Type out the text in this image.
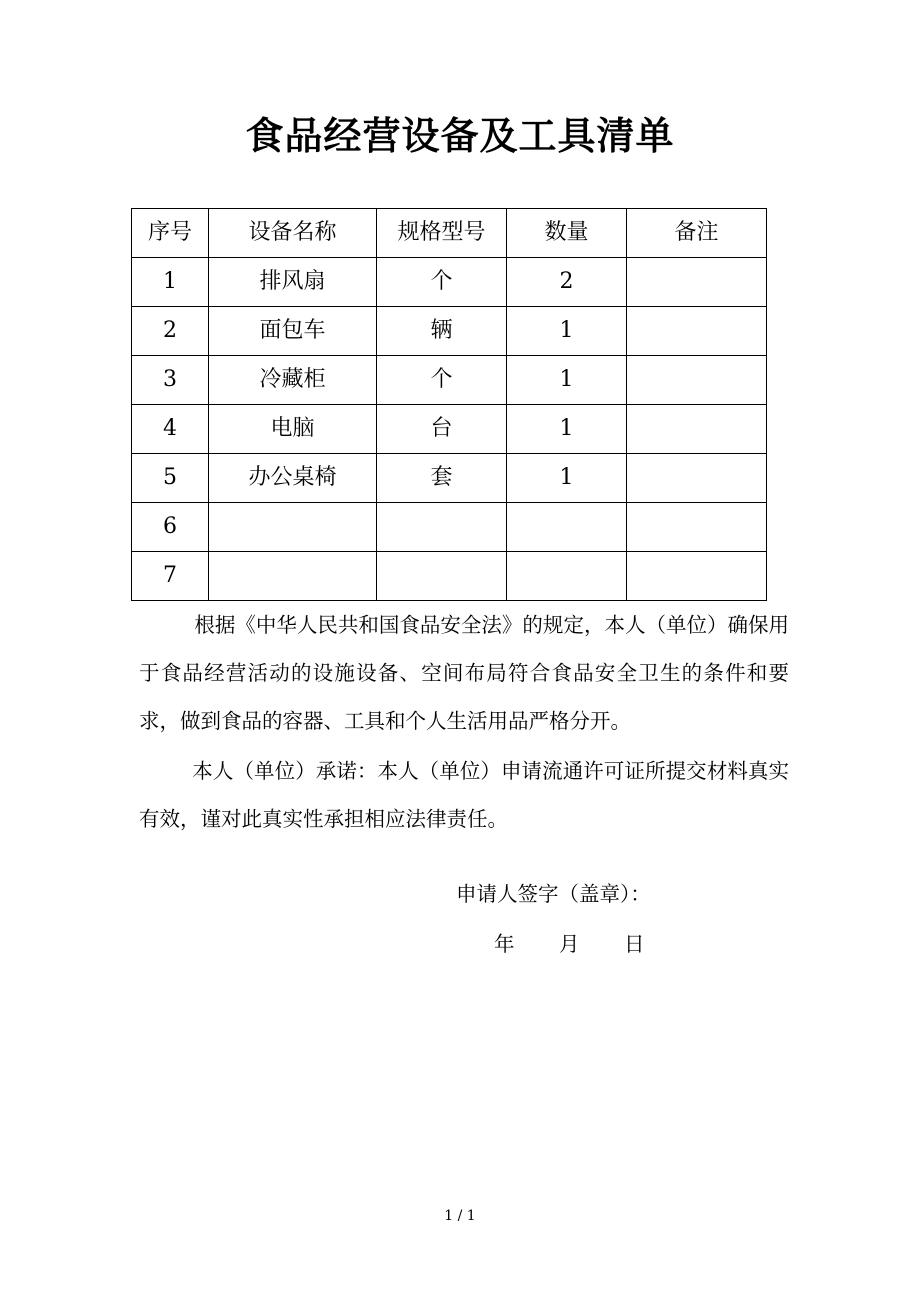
食品经营设备及工具清单
序号	设备名称	规格型号	数量	备注
1	排风扇	个	2	
2	面包车	辆	1	
3	冷藏柜	个	1	
4	电脑	台	1	
5	办公桌椅	套	1	
6				
7				

根据《中华人民共和国食品安全法》的规定，本人（单位）确保用于食品经营活动的设施设备、空间布局符合食品安全卫生的条件和要求，做到食品的容器、工具和个人生活用品严格分开。

本人（单位）承诺：本人（单位）申请流通许可证所提交材料真实有效，谨对此真实性承担相应法律责任。

申请人签字（盖章）：
年	月	日
1 / 1
